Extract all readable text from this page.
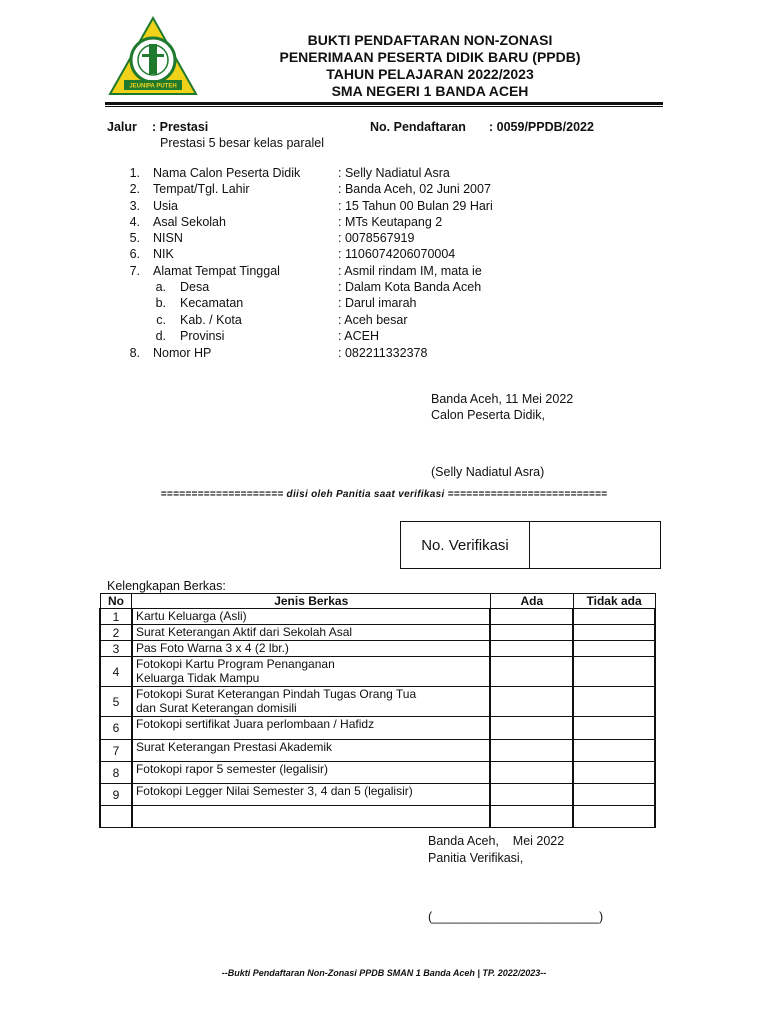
JEUNIPA PUTEH
BUKTI PENDAFTARAN NON-ZONASI
PENERIMAAN PESERTA DIDIK BARU (PPDB)
TAHUN PELAJARAN 2022/2023
SMA NEGERI 1 BANDA ACEH
Jalur : Prestasi
Prestasi 5 besar kelas paralel
No. Pendaftaran : 0059/PPDB/2022
1. Nama Calon Peserta Didik	: Selly Nadiatul Asra
2. Tempat/Tgl. Lahir	: Banda Aceh, 02 Juni 2007
3. Usia	: 15 Tahun 00 Bulan 29 Hari
4. Asal Sekolah	: MTs Keutapang 2
5. NISN	: 0078567919
6. NIK	: 1106074206070004
7. Alamat Tempat Tinggal	: Asmil rindam IM, mata ie
a. Desa	: Dalam Kota Banda Aceh
b. Kecamatan	: Darul imarah
c. Kab. / Kota	: Aceh besar
d. Provinsi	: ACEH
8. Nomor HP	: 082211332378
Banda Aceh, 11 Mei 2022
Calon Peserta Didik,
(Selly Nadiatul Asra)
==================== diisi oleh Panitia saat verifikasi ==========================
No. Verifikasi
Kelengkapan Berkas:
No	Jenis Berkas	Ada	Tidak ada
1	Kartu Keluarga (Asli)		
2	Surat Keterangan Aktif dari Sekolah Asal		
3	Pas Foto Warna 3 x 4 (2 lbr.)		
4	Fotokopi Kartu Program Penanganan
Keluarga Tidak Mampu		

5	Fotokopi Surat Keterangan Pindah Tugas Orang Tua
dan Surat Keterangan domisili		

6	Fotokopi sertifikat Juara perlombaan / Hafidz		
7	Surat Keterangan Prestasi Akademik		
8	Fotokopi rapor 5 semester (legalisir)		
9	Fotokopi Legger Nilai Semester 3, 4 dan 5 (legalisir)		

Banda Aceh,    Mei 2022
Panitia Verifikasi,
(________________________)
--Bukti Pendaftaran Non-Zonasi PPDB SMAN 1 Banda Aceh | TP. 2022/2023--
